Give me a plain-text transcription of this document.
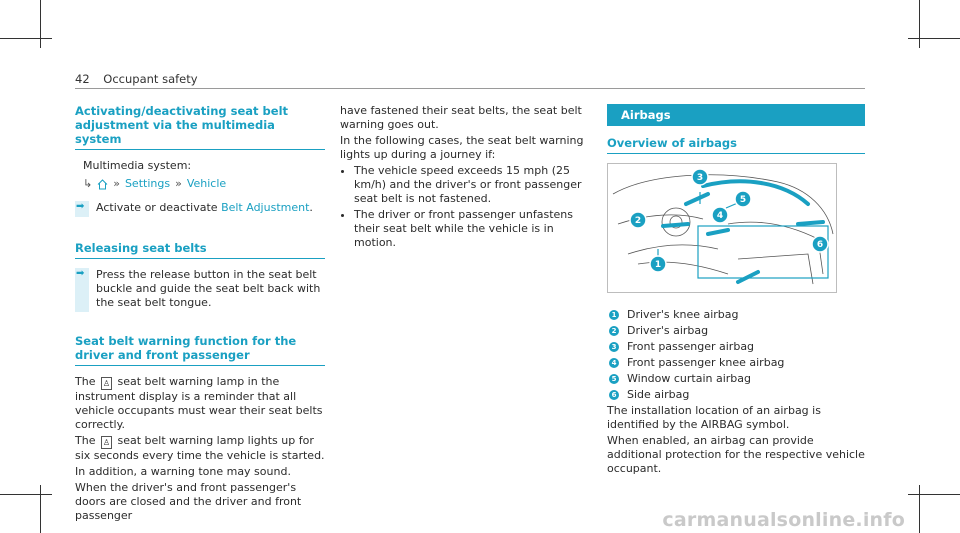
42 Occupant safety
Activating/deactivating seat belt adjustment via the multimedia system

Multimedia system:

↳ » Settings » Vehicle
➡ Activate or deactivate Belt Adjustment.
Releasing seat belts
➡ Press the release button in the seat belt buckle and guide the seat belt back with the seat belt tongue.
Seat belt warning function for the driver and front passenger

The ♙ seat belt warning lamp in the instrument display is a reminder that all vehicle occupants must wear their seat belts correctly.

The ♙ seat belt warning lamp lights up for six seconds every time the vehicle is started.

In addition, a warning tone may sound.

When the driver's and front passenger's doors are closed and the driver and front passenger

have fastened their seat belts, the seat belt warning goes out.

In the following cases, the seat belt warning lights up during a journey if:

• The vehicle speed exceeds 15 mph (25 km/h) and the driver's or front passenger seat belt is not fastened.
• The driver or front passenger unfastens their seat belt while the vehicle is in motion.
Airbags
Overview of airbags
1
2
3
4
5
6
1 Driver's knee airbag
2 Driver's airbag
3 Front passenger airbag
4 Front passenger knee airbag
5 Window curtain airbag
6 Side airbag

The installation location of an airbag is identified by the AIRBAG symbol.

When enabled, an airbag can provide additional protection for the respective vehicle occupant.

carmanualsonline.info
